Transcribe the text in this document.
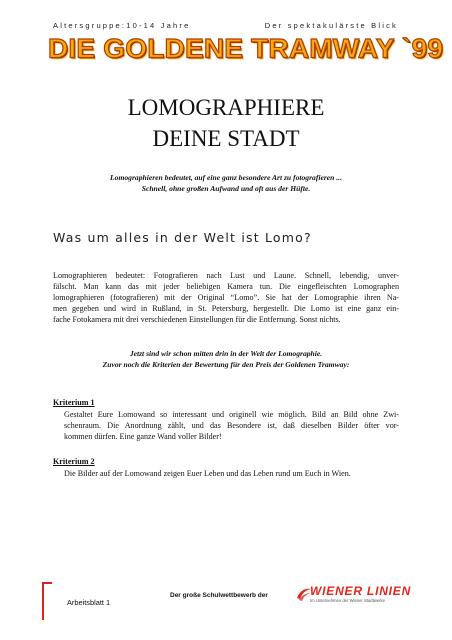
Altersgruppe:10-14 Jahre	Der spektakulärste Blick
DIE GOLDENE TRAMWAY `99
LOMOGRAPHIERE
DEINE STADT
Lomographieren bedeutet, auf eine ganz besondere Art zu fotografieren ...
Schnell, ohne großen Aufwand und oft aus der Hüfte.
Was um alles in der Welt ist Lomo?
Lomographieren bedeutet: Fotografieren nach Lust und Laune. Schnell, lebendig, unver-
fälscht. Man kann das mit jeder beliebigen Kamera tun. Die eingefleischten Lomographen
lomographieren (fotografieren) mit der Original “Lomo”. Sie hat der Lomographie ihren Na-
men gegeben und wird in Rußland, in St. Petersburg, hergestellt. Die Lomo ist eine ganz ein-
fache Fotokamera mit drei verschiedenen Einstellungen für die Entfernung. Sonst nichts.
Jetzt sind wir schon mitten drin in der Welt der Lomographie.
Zuvor noch die Kriterien der Bewertung für den Preis der Goldenen Tramway:
Kriterium 1
Gestaltet Eure Lomowand so interessant und originell wie möglich. Bild an Bild ohne Zwi-
schenraum. Die Anordnung zählt, und das Besondere ist, daß dieselben Bilder öfter vor-
kommen dürfen. Eine ganze Wand voller Bilder!
Kriterium 2
Die Bilder auf der Lomowand zeigen Euer Leben und das Leben rund um Euch in Wien.
Der große Schulwettbewerb der
Arbeitsblatt 1
WIENER LINIEN
Im Unternehmen der Wiener Stadtwerke
